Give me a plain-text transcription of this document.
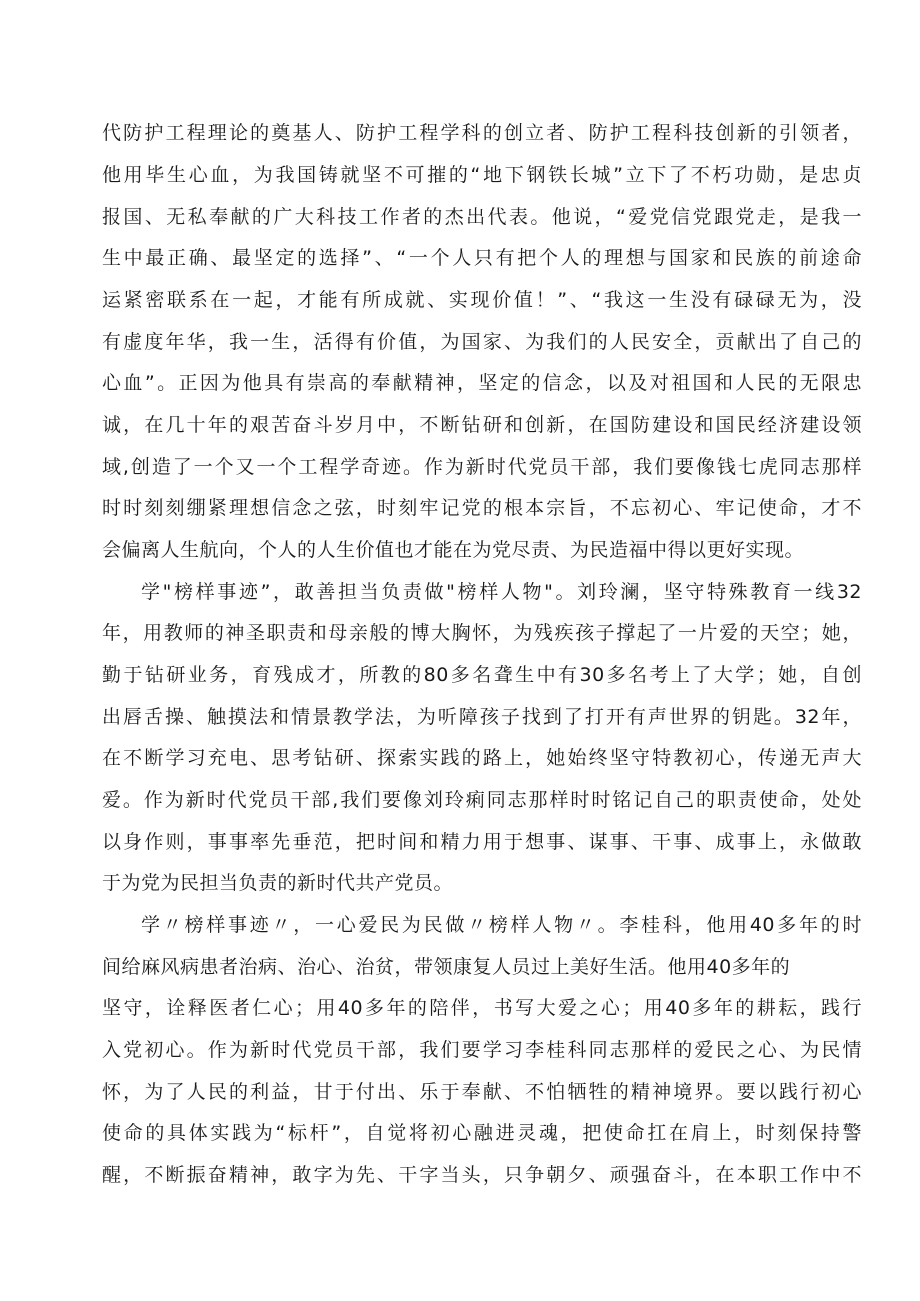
代防护工程理论的奠基人、防护工程学科的创立者、防护工程科技创新的引领者，
他用毕生心血，为我国铸就坚不可摧的“地下钢铁长城”立下了不朽功勋，是忠贞
报国、无私奉献的广大科技工作者的杰出代表。他说，“爱党信党跟党走，是我一
生中最正确、最坚定的选择”、“一个人只有把个人的理想与国家和民族的前途命
运紧密联系在一起，才能有所成就、实现价值！”、“我这一生没有碌碌无为，没
有虚度年华，我一生，活得有价值，为国家、为我们的人民安全，贡献出了自己的
心血”。正因为他具有崇高的奉献精神，坚定的信念，以及对祖国和人民的无限忠
诚，在几十年的艰苦奋斗岁月中，不断钻研和创新，在国防建设和国民经济建设领
域,创造了一个又一个工程学奇迹。作为新时代党员干部，我们要像钱七虎同志那样
时时刻刻绷紧理想信念之弦，时刻牢记党的根本宗旨，不忘初心、牢记使命，才不
会偏离人生航向，个人的人生价值也才能在为党尽责、为民造福中得以更好实现。
学"榜样事迹”，敢善担当负责做"榜样人物"。刘玲澜，坚守特殊教育一线32
年，用教师的神圣职责和母亲般的博大胸怀，为残疾孩子撑起了一片爱的天空；她，
勤于钻研业务，育残成才，所教的80多名聋生中有30多名考上了大学；她，自创
出唇舌操、触摸法和情景教学法，为听障孩子找到了打开有声世界的钥匙。32年，
在不断学习充电、思考钻研、探索实践的路上，她始终坚守特教初心，传递无声大
爱。作为新时代党员干部,我们要像刘玲痢同志那样时时铭记自己的职责使命，处处
以身作则，事事率先垂范，把时间和精力用于想事、谋事、干事、成事上，永做敢
于为党为民担当负责的新时代共产党员。
学〃榜样事迹〃，一心爱民为民做〃榜样人物〃。李桂科，他用40多年的时
间给麻风病患者治病、治心、治贫，带领康复人员过上美好生活。他用40多年的
坚守，诠释医者仁心；用40多年的陪伴，书写大爱之心；用40多年的耕耘，践行
入党初心。作为新时代党员干部，我们要学习李桂科同志那样的爱民之心、为民情
怀，为了人民的利益，甘于付出、乐于奉献、不怕牺牲的精神境界。要以践行初心
使命的具体实践为“标杆”，自觉将初心融进灵魂，把使命扛在肩上，时刻保持警
醒，不断振奋精神，敢字为先、干字当头，只争朝夕、顽强奋斗，在本职工作中不
